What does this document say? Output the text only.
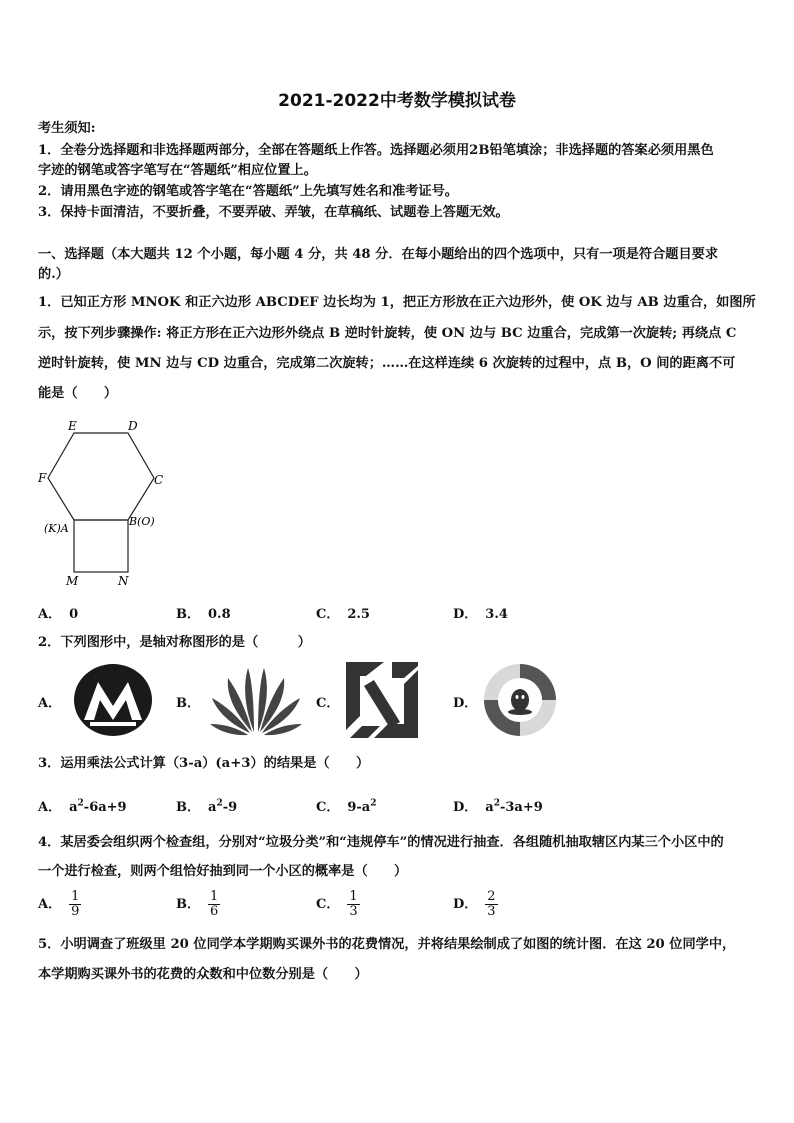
2021-2022中考数学模拟试卷
考生须知:
1．全卷分选择题和非选择题两部分，全部在答题纸上作答。选择题必须用2B铅笔填涂；非选择题的答案必须用黑色
字迹的钢笔或答字笔写在“答题纸”相应位置上。
2．请用黑色字迹的钢笔或答字笔在“答题纸”上先填写姓名和准考证号。
3．保持卡面清洁，不要折叠，不要弄破、弄皱，在草稿纸、试题卷上答题无效。
一、选择题（本大题共 12 个小题，每小题 4 分，共 48 分．在每小题给出的四个选项中，只有一项是符合题目要求
的.）
1．已知正方形 MNOK 和正六边形 ABCDEF 边长均为 1，把正方形放在正六边形外，使 OK 边与 AB 边重合，如图所
示，按下列步骤操作: 将正方形在正六边形外绕点 B 逆时针旋转，使 ON 边与 BC 边重合，完成第一次旋转; 再绕点 C
逆时针旋转，使 MN 边与 CD 边重合，完成第二次旋转；……在这样连续 6 次旋转的过程中，点 B，O 间的距离不可
能是（　　）
E	D
F	C
(K)A
B(O)
M	N
A． 0	B． 0.8	C． 2.5	D． 3.4
2．下列图形中，是轴对称图形的是（　　　）
A．	B．	C．	D．
3．运用乘法公式计算（3-a）(a+3）的结果是（　　）
A． $a^2-6a+9$	B． $a^2-9$	C． $9-a^2$	D． $a^2-3a+9$
4．某居委会组织两个检查组，分别对“垃圾分类”和“违规停车”的情况进行抽查．各组随机抽取辖区内某三个小区中的
一个进行检查，则两个组恰好抽到同一个小区的概率是（　　）
A． $\frac{1}{9}$	B． $\frac{1}{6}$	C． $\frac{1}{3}$	D． $\frac{2}{3}$
5．小明调查了班级里 20 位同学本学期购买课外书的花费情况，并将结果绘制成了如图的统计图．在这 20 位同学中，
本学期购买课外书的花费的众数和中位数分别是（　　）
